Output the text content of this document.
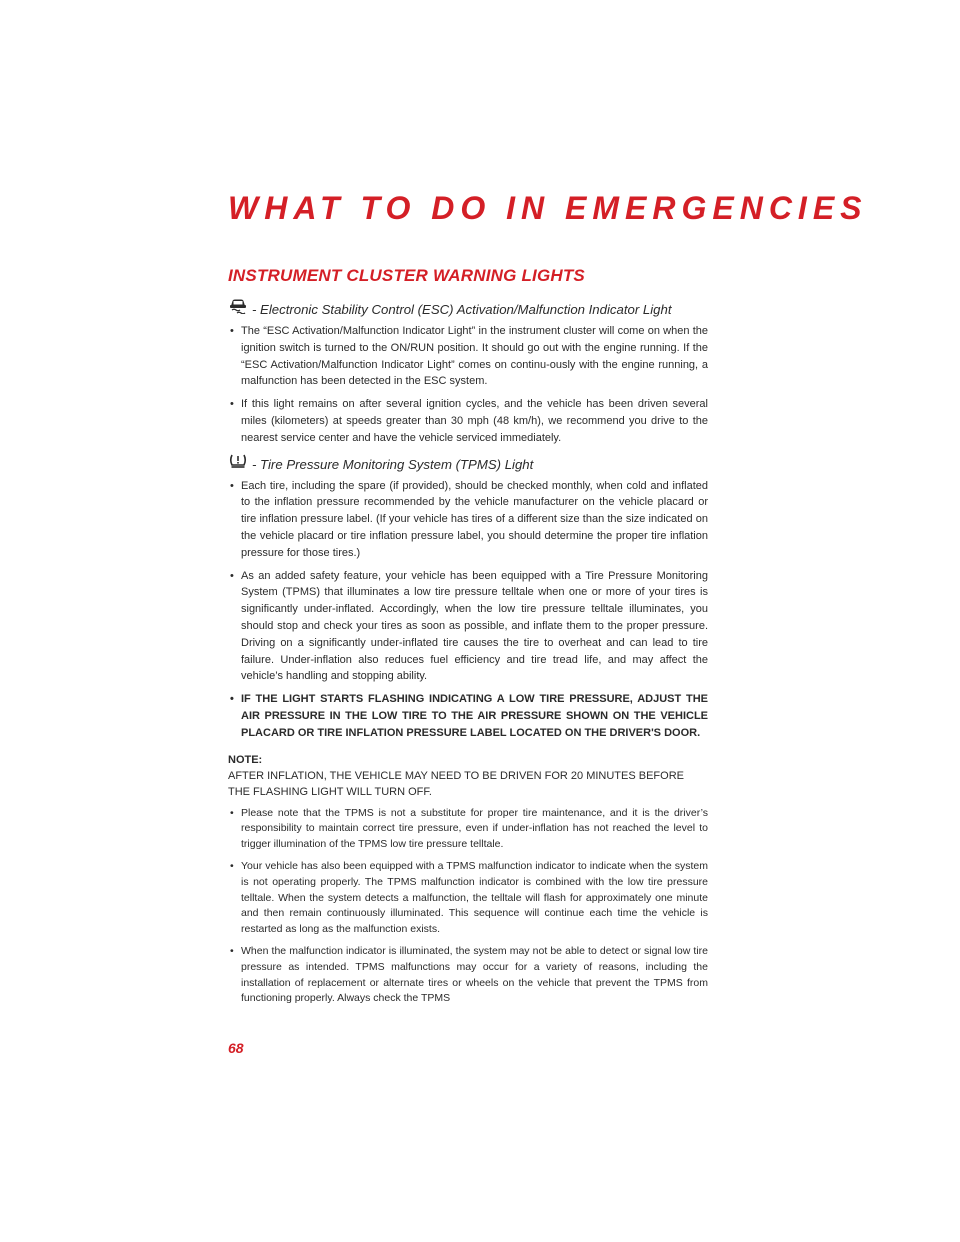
WHAT TO DO IN EMERGENCIES
INSTRUMENT CLUSTER WARNING LIGHTS
- Electronic Stability Control (ESC) Activation/Malfunction Indicator Light
• The “ESC Activation/Malfunction Indicator Light” in the instrument cluster will come on when the ignition switch is turned to the ON/RUN position. It should go out with the engine running. If the “ESC Activation/Malfunction Indicator Light” comes on continu-ously with the engine running, a malfunction has been detected in the ESC system.
• If this light remains on after several ignition cycles, and the vehicle has been driven several miles (kilometers) at speeds greater than 30 mph (48 km/h), we recommend you drive to the nearest service center and have the vehicle serviced immediately.
- Tire Pressure Monitoring System (TPMS) Light
• Each tire, including the spare (if provided), should be checked monthly, when cold and inflated to the inflation pressure recommended by the vehicle manufacturer on the vehicle placard or tire inflation pressure label. (If your vehicle has tires of a different size than the size indicated on the vehicle placard or tire inflation pressure label, you should determine the proper tire inflation pressure for those tires.)
• As an added safety feature, your vehicle has been equipped with a Tire Pressure Monitoring System (TPMS) that illuminates a low tire pressure telltale when one or more of your tires is significantly under-inflated. Accordingly, when the low tire pressure telltale illuminates, you should stop and check your tires as soon as possible, and inflate them to the proper pressure. Driving on a significantly under-inflated tire causes the tire to overheat and can lead to tire failure. Under-inflation also reduces fuel efficiency and tire tread life, and may affect the vehicle’s handling and stopping ability.
• IF THE LIGHT STARTS FLASHING INDICATING A LOW TIRE PRESSURE, ADJUST THE AIR PRESSURE IN THE LOW TIRE TO THE AIR PRESSURE SHOWN ON THE VEHICLE PLACARD OR TIRE INFLATION PRESSURE LABEL LOCATED ON THE DRIVER'S DOOR.

NOTE:

AFTER INFLATION, THE VEHICLE MAY NEED TO BE DRIVEN FOR 20 MINUTES BEFORE THE FLASHING LIGHT WILL TURN OFF.

• Please note that the TPMS is not a substitute for proper tire maintenance, and it is the driver’s responsibility to maintain correct tire pressure, even if under-inflation has not reached the level to trigger illumination of the TPMS low tire pressure telltale.
• Your vehicle has also been equipped with a TPMS malfunction indicator to indicate when the system is not operating properly. The TPMS malfunction indicator is combined with the low tire pressure telltale. When the system detects a malfunction, the telltale will flash for approximately one minute and then remain continuously illuminated. This sequence will continue each time the vehicle is restarted as long as the malfunction exists.
• When the malfunction indicator is illuminated, the system may not be able to detect or signal low tire pressure as intended. TPMS malfunctions may occur for a variety of reasons, including the installation of replacement or alternate tires or wheels on the vehicle that prevent the TPMS from functioning properly. Always check the TPMS
68
